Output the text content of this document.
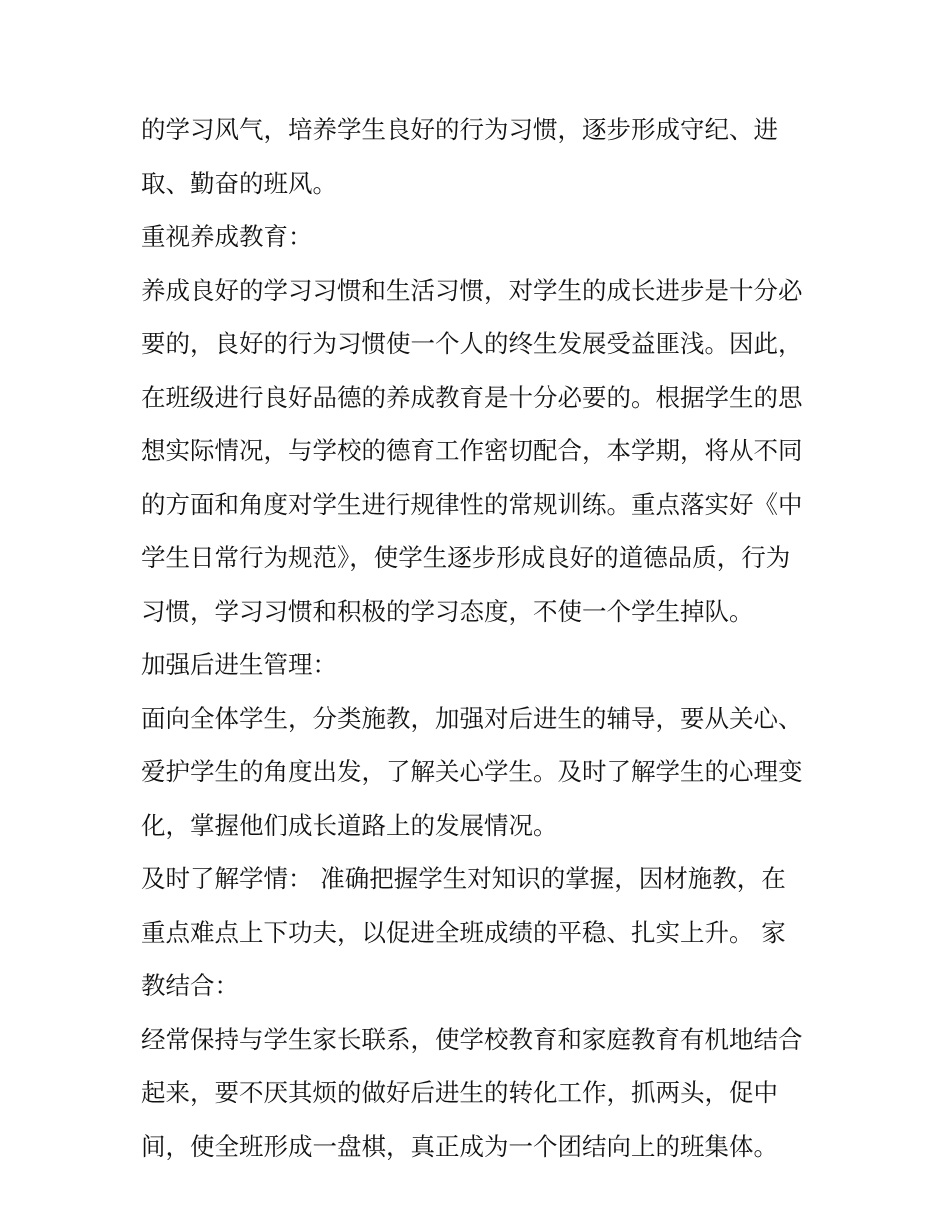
的学习风气，培养学生良好的行为习惯，逐步形成守纪、进
取、勤奋的班风。
重视养成教育：
养成良好的学习习惯和生活习惯，对学生的成长进步是十分必
要的，良好的行为习惯使一个人的终生发展受益匪浅。因此，
在班级进行良好品德的养成教育是十分必要的。根据学生的思
想实际情况，与学校的德育工作密切配合，本学期，将从不同
的方面和角度对学生进行规律性的常规训练。重点落实好《中
学生日常行为规范》，使学生逐步形成良好的道德品质，行为
习惯，学习习惯和积极的学习态度，不使一个学生掉队。
加强后进生管理：
面向全体学生，分类施教，加强对后进生的辅导，要从关心、
爱护学生的角度出发，了解关心学生。及时了解学生的心理变
化，掌握他们成长道路上的发展情况。
及时了解学情： 准确把握学生对知识的掌握，因材施教，在
重点难点上下功夫，以促进全班成绩的平稳、扎实上升。 家
教结合：
经常保持与学生家长联系，使学校教育和家庭教育有机地结合
起来，要不厌其烦的做好后进生的转化工作，抓两头，促中
间，使全班形成一盘棋，真正成为一个团结向上的班集体。
